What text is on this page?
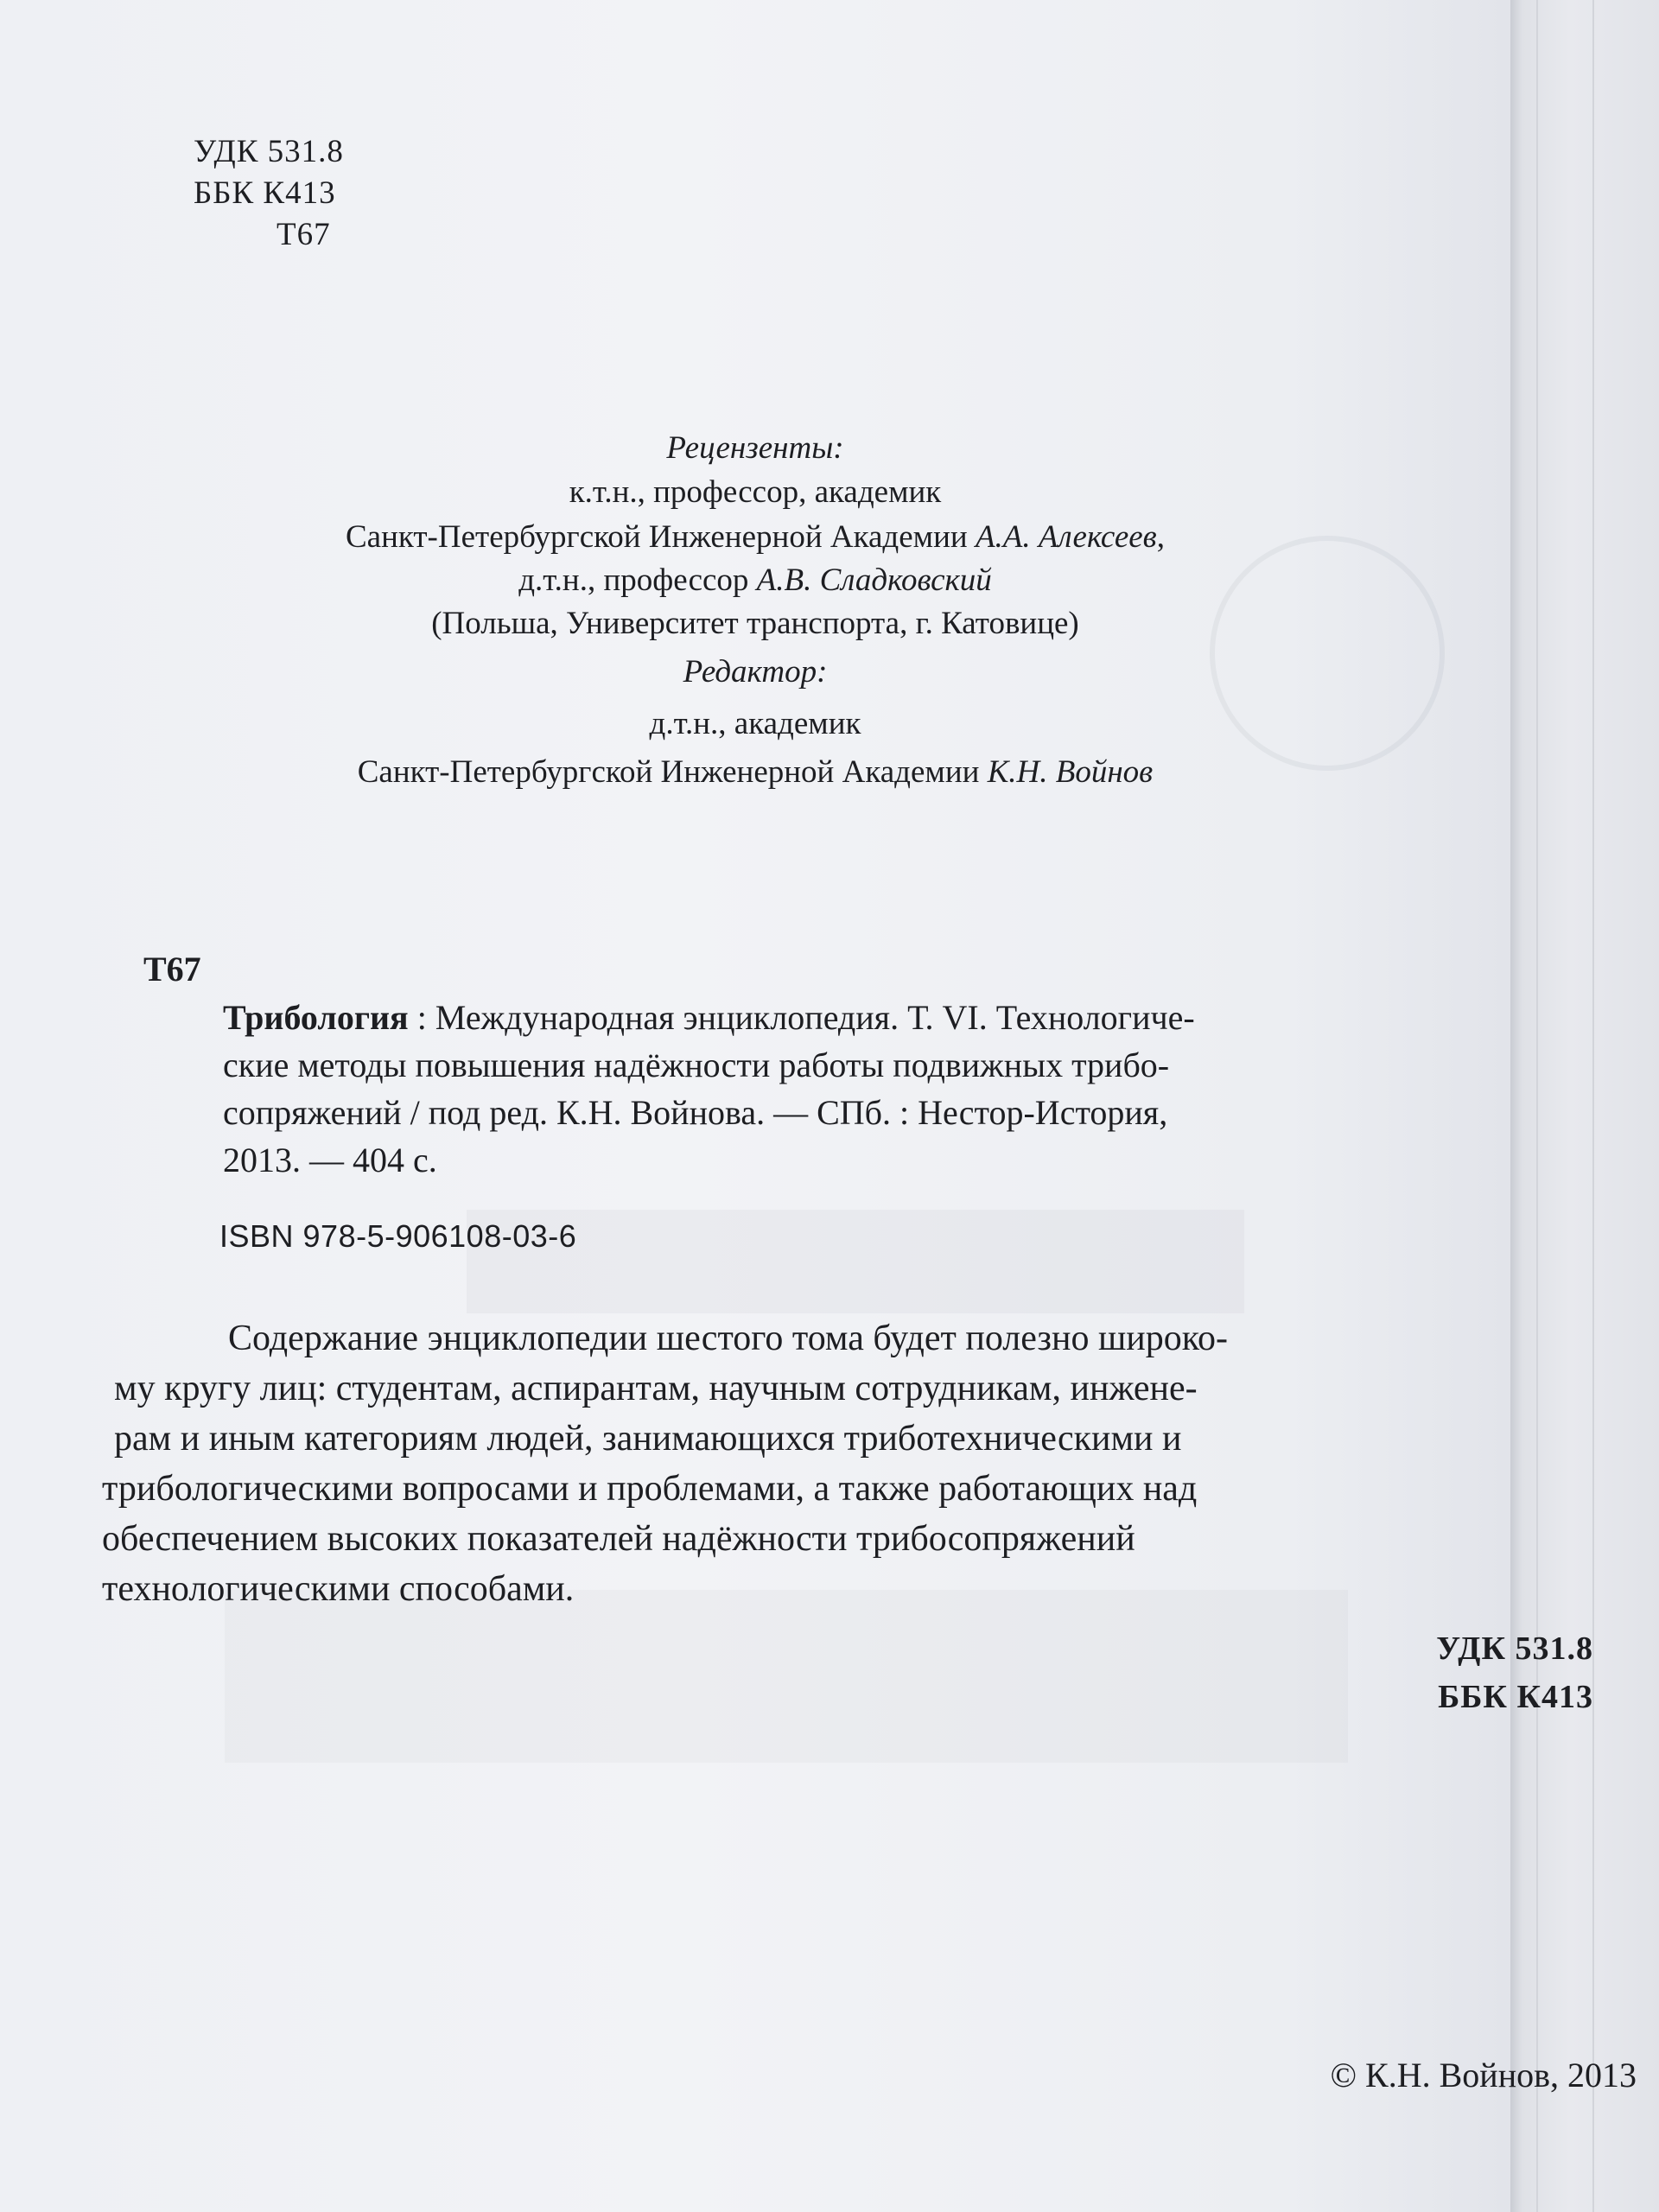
УДК 531.8
ББК К413
Т67
Рецензенты:
к.т.н., профессор, академик
Санкт-Петербургской Инженерной Академии А.А. Алексеев,
д.т.н., профессор А.В. Сладковский
(Польша, Университет транспорта, г. Катовице)
Редактор:
д.т.н., академик
Санкт-Петербургской Инженерной Академии К.Н. Войнов
Т67
Трибология : Международная энциклопедия. Т. VI. Технологиче-
ские методы повышения надёжности работы подвижных трибо-
сопряжений / под ред. К.Н. Войнова. — СПб. : Нестор-История,
2013. — 404 с.
ISBN 978-5-906108-03-6
Содержание энциклопедии шестого тома будет полезно широко-
му кругу лиц: студентам, аспирантам, научным сотрудникам, инжене-
рам и иным категориям людей, занимающихся триботехническими и
трибологическими вопросами и проблемами, а также работающих над
обеспечением высоких показателей надёжности трибосопряжений
технологическими способами.
УДК 531.8
ББК К413
© К.Н. Войнов, 2013
